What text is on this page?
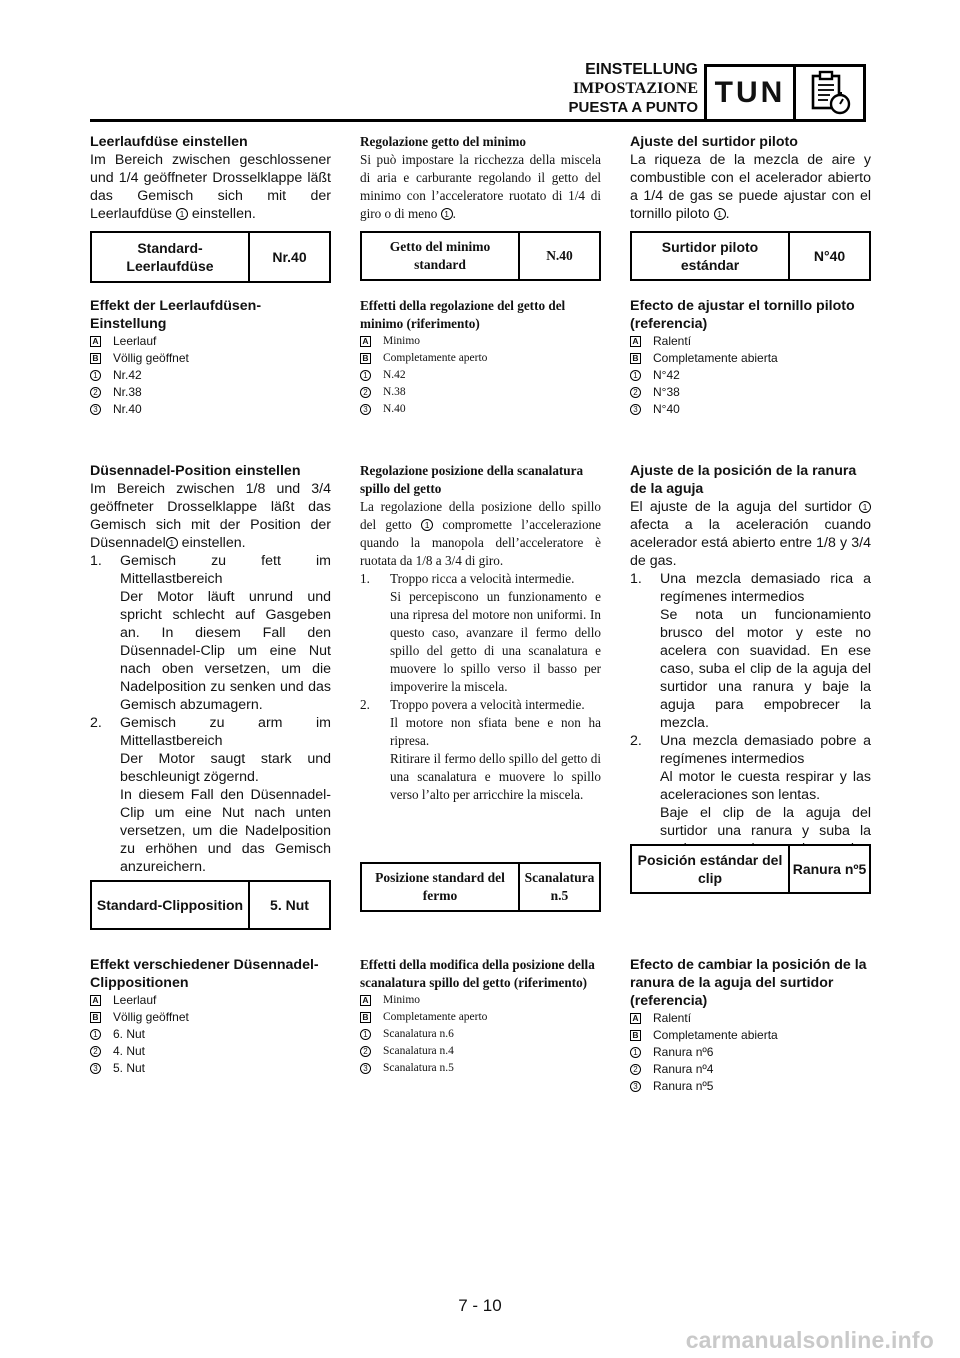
EINSTELLUNG
IMPOSTAZIONE
PUESTA A PUNTO TUN
Leerlaufdüse einstellen
Im Bereich zwischen geschlossener und 1/4 geöffneter Drosselklappe läßt das Gemisch sich mit der Leerlaufdüse 1 einstellen.
Standard-Leerlaufdüse
Nr.40
Effekt der Leerlaufdüsen-Einstellung
A Leerlauf
B Völlig geöffnet
1 Nr.42
2 Nr.38
3 Nr.40
Düsennadel-Position einstellen
Im Bereich zwischen 1/8 und 3/4 geöffneter Drosselklappe läßt das Gemisch sich mit der Position der Düsennadel 1 einstellen.
1. Gemisch zu fett im Mittellastbereich

Der Motor läuft unrund und spricht schlecht auf Gasgeben an. In diesem Fall den Düsennadel-Clip um eine Nut nach oben versetzen, um die Nadelposition zu senken und das Gemisch abzumagern.

2. Gemisch zu arm im Mittellastbereich

Der Motor saugt stark und beschleunigt zögernd.

In diesem Fall den Düsennadel-Clip um eine Nut nach unten versetzen, um die Nadelposition zu erhöhen und das Gemisch anzureichern.

Standard-Clipposition	5. Nut
Effekt verschiedener Düsennadel-Clippositionen
A Leerlauf
B Völlig geöffnet
1 6. Nut
2 4. Nut
3 5. Nut
Regolazione getto del minimo
Si può impostare la ricchezza della miscela di aria e carburante regolando il getto del minimo con l’acceleratore ruotato di 1/4 di giro o di meno 1 .
Getto del minimo standard
N.40
Effetti della regolazione del getto del minimo (riferimento)
A Minimo
B Completamente aperto
1 N.42
2 N.38
3 N.40
Regolazione posizione della scanalatura spillo del getto
La regolazione della posizione dello spillo del getto 1 compromette l’accelerazione quando la manopola dell’acceleratore è ruotata da 1/8 a 3/4 di giro.
1. Troppo ricca a velocità intermedie.

Si percepiscono un funzionamento e una ripresa del motore non uniformi. In questo caso, avanzare il fermo dello spillo del getto di una scanalatura e muovere lo spillo verso il basso per impoverire la miscela.

2. Troppo povera a velocità intermedie.

Il motore non sfiata bene e non ha ripresa.

Ritirare il fermo dello spillo del getto di una scanalatura e muovere lo spillo verso l’alto per arricchire la miscela.

Posizione standard del fermo
Scanalatura n.5
Effetti della modifica della posizione della scanalatura spillo del getto (riferimento)
A Minimo
B Completamente aperto
1 Scanalatura n.6
2 Scanalatura n.4
3 Scanalatura n.5
Ajuste del surtidor piloto
La riqueza de la mezcla de aire y combustible con el acelerador abierto a 1/4 de gas se puede ajustar con el tornillo piloto 1 .
Surtidor piloto estándar
N°40
Efecto de ajustar el tornillo piloto (referencia)
A Ralentí
B Completamente abierta
1 N°42
2 N°38
3 N°40
Ajuste de la posición de la ranura de la aguja
El ajuste de la aguja del surtidor 1 afecta a la aceleración cuando acelerador está abierto entre 1/8 y 3/4 de gas.
1. Una mezcla demasiado rica a regímenes intermedios

Se nota un funcionamiento brusco del motor y este no acelera con suavidad. En ese caso, suba el clip de la aguja del surtidor una ranura y baje la aguja para empobrecer la mezcla.

2. Una mezcla demasiado pobre a regímenes intermedios

Al motor le cuesta respirar y las aceleraciones son lentas.

Baje el clip de la aguja del surtidor una ranura y suba la

Posición estándar del clip
Ranura nº5
Efecto de cambiar la posición de la ranura de la aguja del surtidor (referencia)
A Ralentí
B Completamente abierta
1 Ranura nº6
2 Ranura nº4
3 Ranura nº5
7 - 10
carmanualsonline.info
